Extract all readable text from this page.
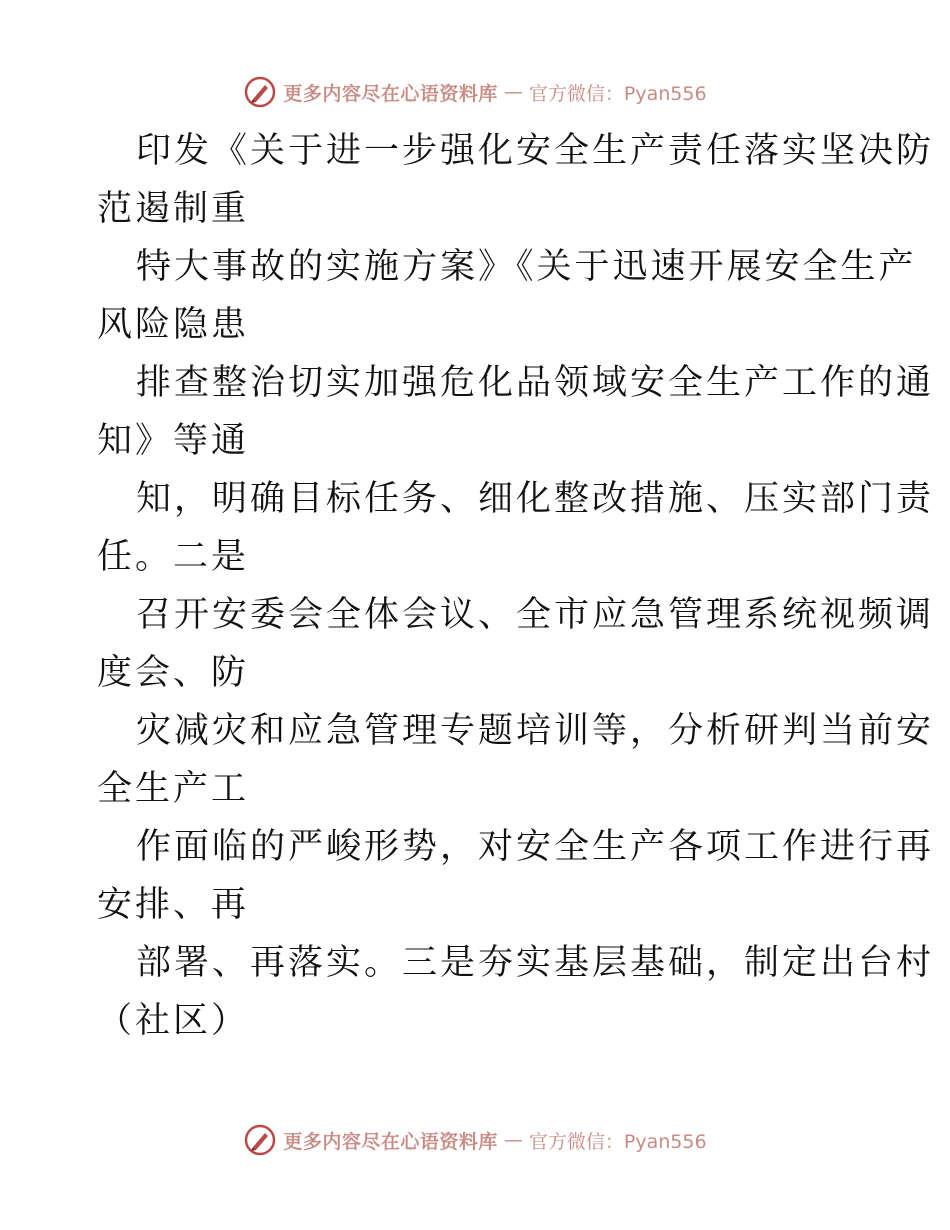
更多内容尽在心语资料库 — 官方微信：Pyan556

印发《关于进一步强化安全生产责任落实坚决防

范遏制重

特大事故的实施方案》《关于迅速开展安全生产

风险隐患

排查整治切实加强危化品领域安全生产工作的通

知》等通

知，明确目标任务、细化整改措施、压实部门责

任。二是

召开安委会全体会议、全市应急管理系统视频调

度会、防

灾减灾和应急管理专题培训等，分析研判当前安

全生产工

作面临的严峻形势，对安全生产各项工作进行再

安排、再

部署、再落实。三是夯实基层基础，制定出台村

（社区）

更多内容尽在心语资料库 — 官方微信：Pyan556
